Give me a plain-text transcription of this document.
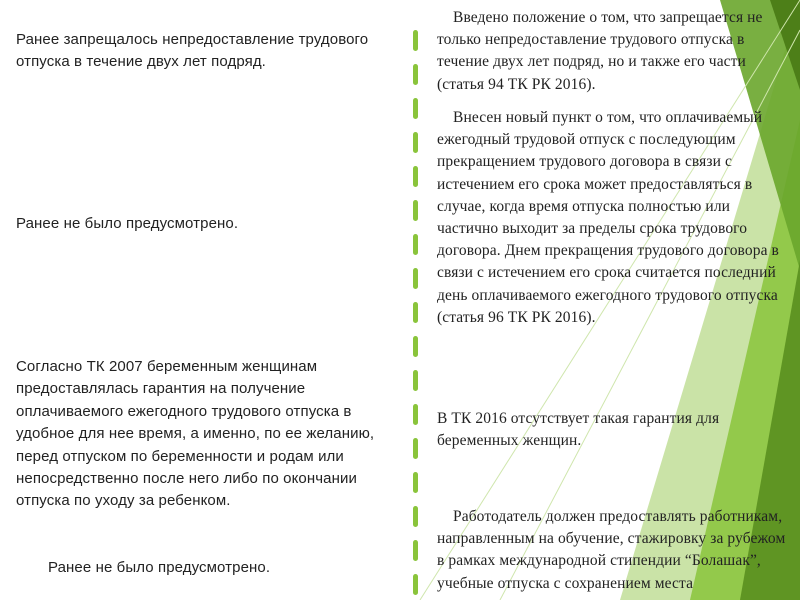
Ранее запрещалось непредоставление трудового отпуска в течение двух лет подряд.

Ранее не было предусмотрено.

Согласно ТК 2007 беременным женщинам предоставлялась гарантия на получение оплачиваемого ежегодного трудового отпуска в удобное для нее время, а именно, по ее желанию, перед отпуском по беременности и родам или непосредственно после него либо по окончании отпуска по уходу за ребенком.

Ранее не было предусмотрено.

Введено положение о том, что запрещается не только непредоставление трудового отпуска в течение двух лет подряд, но и также его части (статья 94 ТК РК 2016).

Внесен новый пункт о том, что оплачиваемый ежегодный трудовой отпуск с последующим прекращением трудового договора в связи с истечением его срока может предоставляться в случае, когда время отпуска полностью или частично выходит за пределы срока трудового договора. Днем прекращения трудового договора в связи с истечением его срока считается последний день оплачиваемого ежегодного трудового отпуска (статья 96 ТК РК 2016).

В ТК 2016 отсутствует такая гарантия для беременных женщин.

Работодатель должен предоставлять работникам, направленным на обучение, стажировку за рубежом в рамках международной стипендии “Болашак”, учебные отпуска с сохранением места
